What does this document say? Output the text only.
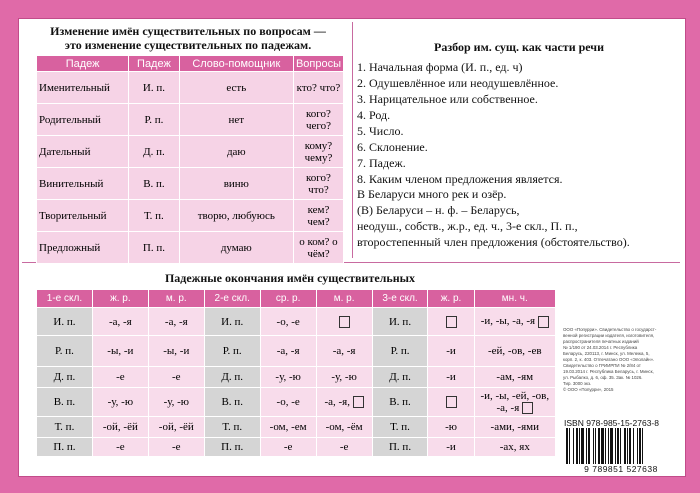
Изменение имён существительных по вопросам —
это изменение существительных по падежам.
Падеж	Падеж	Слово-помощник	Вопросы
Именительный	И. п.	есть	кто? что?
Родительный	Р. п.	нет	кого? чего?
Дательный	Д. п.	даю	кому? чему?
Винительный	В. п.	виню	кого? что?
Творительный	Т. п.	творю, любуюсь	кем? чем?
Предложный	П. п.	думаю	о ком? о чём?
Разбор им. сущ. как части речи
1. Начальная форма (И. п., ед. ч)
2. Одушевлённое или неодушевлённое.
3. Нарицательное или собственное.
4. Род.
5. Число.
6. Склонение.
7. Падеж.
8. Каким членом предложения является.

В Беларуси много рек и озёр.

(В) Беларуси – н. ф. – Беларусь,

неодуш., собств., ж.р., ед. ч., 3-е скл., П. п.,

второстепенный член предложения (обстоятельство).

Падежные окончания имён существительных
1-е скл.	ж. р.	м. р.	2-е скл.	ср. р.	м. р.	3-е скл.	ж. р.	мн. ч.
И. п.	-а, -я	-а, -я	И. п.	-о, -е		И. п.		-и, -ы, -а, -я
Р. п.	-ы, -и	-ы, -и	Р. п.	-а, -я	-а, -я	Р. п.	-и	-ей, -ов, -ев
Д. п.	-е	-е	Д. п.	-у, -ю	-у, -ю	Д. п.	-и	-ам, -ям
В. п.	-у, -ю	-у, -ю	В. п.	-о, -е	-а, -я,	В. п.		-и, -ы, -ей, -ов, -а, -я
Т. п.	-ой, -ёй	-ой, -ёй	Т. п.	-ом, -ем	-ом, -ём	Т. п.	-ю	-ами, -ями
П. п.	-е	-е	П. п.	-е	-е	П. п.	-и	-ах, ях

ООО «Попурри». Свидетельство о государст-

венной регистрации издателя, изготовителя,

распространителя печатных изданий

№ 1/190 от 24.03.2014 г. Республика

Беларусь, 220113, г. Минск, ул. Мележа, 5,

корп. 2, к. 403. Отпечатано ООО «Эполайн».

Свидетельство о ГРИИРПИ № 2/84 от

19.03.2014 г. Республика Беларусь, г. Минск,

ул. Рыбалко, д. 6, оф. 35. Зак. № 1026.

Тир. 3000 экз.

© ООО «Попурри», 2015

ISBN 978-985-15-2763-8
9 789851 527638
